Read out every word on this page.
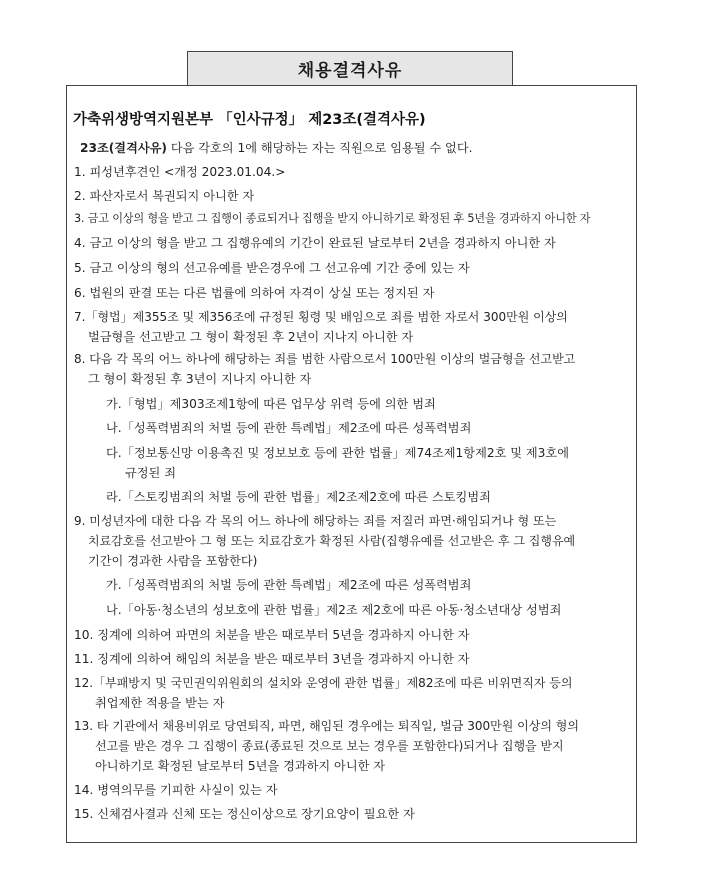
채용결격사유
가축위생방역지원본부 「인사규정」 제23조(결격사유)
23조(결격사유) 다음 각호의 1에 해당하는 자는 직원으로 임용될 수 없다.
1. 피성년후견인 <개정 2023.01.04.>
2. 파산자로서 복권되지 아니한 자
3. 금고 이상의 형을 받고 그 집행이 종료되거나 집행을 받지 아니하기로 확정된 후 5년을 경과하지 아니한 자
4. 금고 이상의 형을 받고 그 집행유예의 기간이 완료된 날로부터 2년을 경과하지 아니한 자
5. 금고 이상의 형의 선고유예를 받은경우에 그 선고유예 기간 중에 있는 자
6. 법원의 판결 또는 다른 법률에 의하여 자격이 상실 또는 정지된 자
7.「형법」제355조 및 제356조에 규정된 횡령 및 배임으로 죄를 범한 자로서 300만원 이상의
벌금형을 선고받고 그 형이 확정된 후 2년이 지나지 아니한 자
8. 다음 각 목의 어느 하나에 해당하는 죄를 범한 사람으로서 100만원 이상의 벌금형을 선고받고
그 형이 확정된 후 3년이 지나지 아니한 자
가.「형법」제303조제1항에 따른 업무상 위력 등에 의한 범죄
나.「성폭력범죄의 처벌 등에 관한 특례법」제2조에 따른 성폭력범죄
다.「정보통신망 이용촉진 및 정보보호 등에 관한 법률」제74조제1항제2호 및 제3호에
규정된 죄
라.「스토킹범죄의 처벌 등에 관한 법률」제2조제2호에 따른 스토킹범죄
9. 미성년자에 대한 다음 각 목의 어느 하나에 해당하는 죄를 저질러 파면·해임되거나 형 또는
치료감호를 선고받아 그 형 또는 치료감호가 확정된 사람(집행유예를 선고받은 후 그 집행유예
기간이 경과한 사람을 포함한다)
가.「성폭력범죄의 처벌 등에 관한 특례법」제2조에 따른 성폭력범죄
나.「아동·청소년의 성보호에 관한 법률」제2조 제2호에 따른 아동·청소년대상 성범죄
10. 징계에 의하여 파면의 처분을 받은 때로부터 5년을 경과하지 아니한 자
11. 징계에 의하여 해임의 처분을 받은 때로부터 3년을 경과하지 아니한 자
12.「부패방지 및 국민권익위원회의 설치와 운영에 관한 법률」제82조에 따른 비위면직자 등의
취업제한 적용을 받는 자
13. 타 기관에서 채용비위로 당연퇴직, 파면, 해임된 경우에는 퇴직일, 벌금 300만원 이상의 형의
선고를 받은 경우 그 집행이 종료(종료된 것으로 보는 경우를 포함한다)되거나 집행을 받지
아니하기로 확정된 날로부터 5년을 경과하지 아니한 자
14. 병역의무를 기피한 사실이 있는 자
15. 신체검사결과 신체 또는 정신이상으로 장기요양이 필요한 자
